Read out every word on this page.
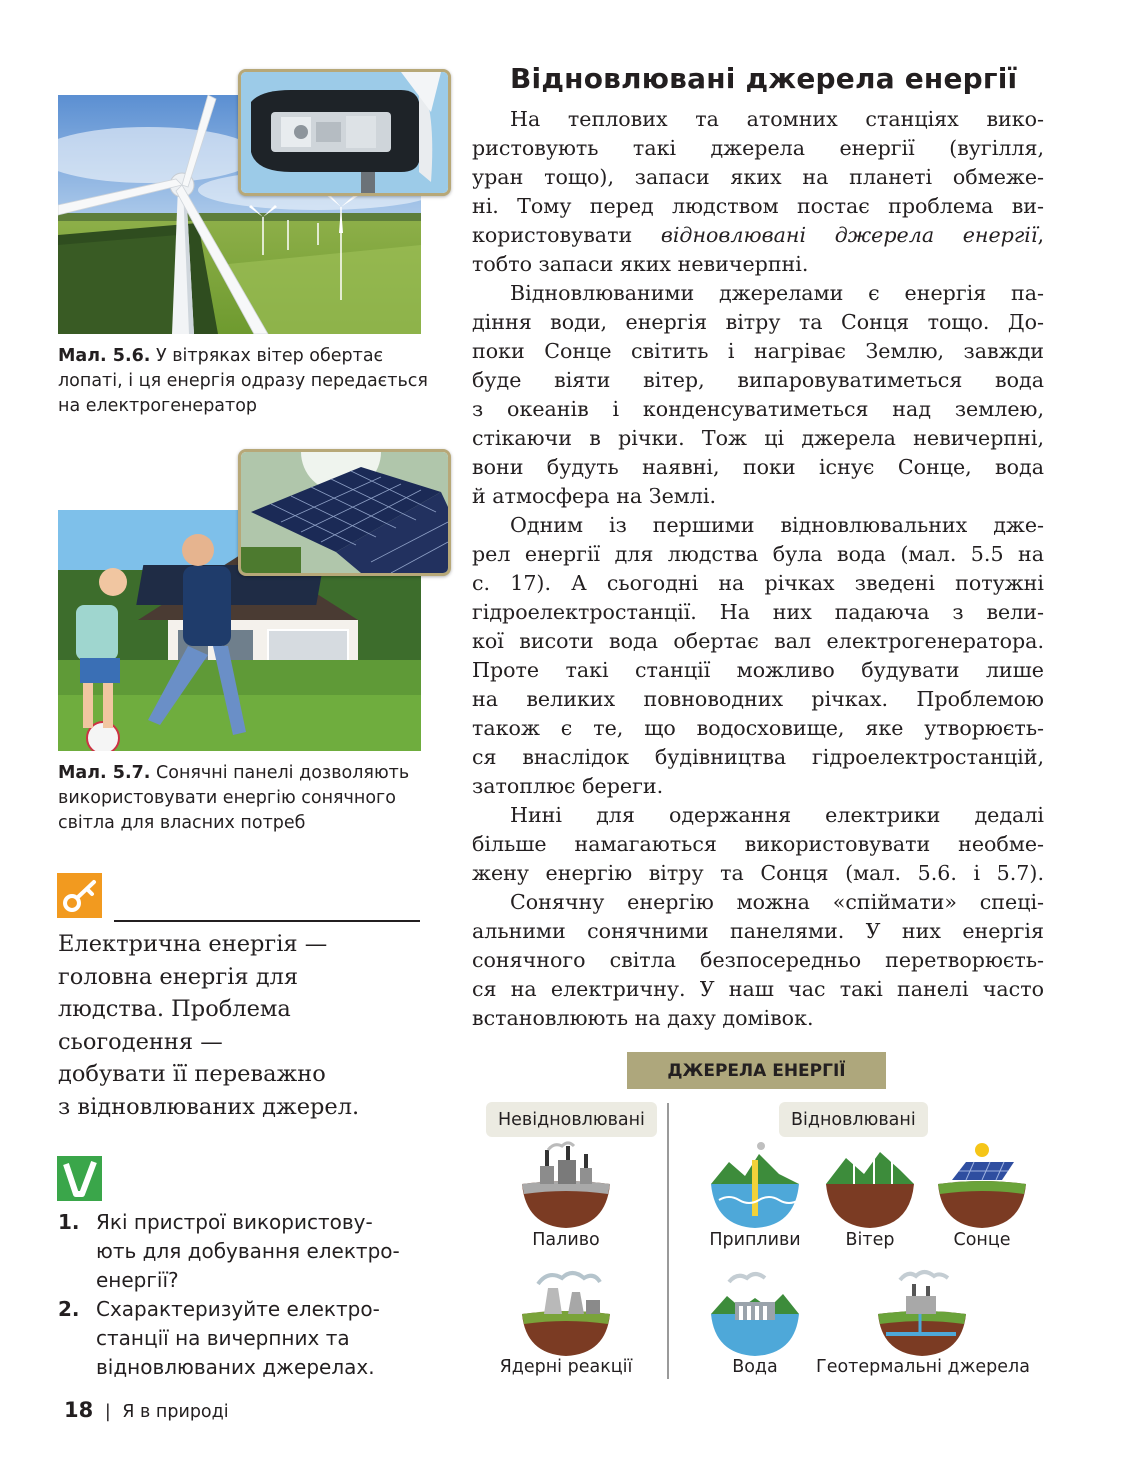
Мал. 5.6. У вітряках вітер обертає лопаті, і ця енергія одразу передається на електрогенератор
Мал. 5.7. Сонячні панелі дозволяють використовувати енергію сонячного світла для власних потреб
Електрична енергія —
головна енергія для
людства. Проблема
сьогодення —
добувати її переважно
з відновлюваних джерел.
1. Які пристрої використову-
ють для добування електро-
енергії?
2. Схарактеризуйте електро-
станції на вичерпних та
відновлюваних джерелах.
Відновлювані джерела енергії
На теплових та атомних станціях вико-
ристовують такі джерела енергії (вугілля,
уран тощо), запаси яких на планеті обмеже-
ні. Тому перед людством постає проблема ви-
користовувати відновлювані джерела енергії,
тобто запаси яких невичерпні.
Відновлюваними джерелами є енергія па-
діння води, енергія вітру та Сонця тощо. До-
поки Сонце світить і нагріває Землю, завжди
буде віяти вітер, випаровуватиметься вода
з океанів і конденсуватиметься над землею,
стікаючи в річки. Тож ці джерела невичерпні,
вони будуть наявні, поки існує Сонце, вода
й атмосфера на Землі.
Одним із першими відновлювальних дже-
рел енергії для людства була вода (мал. 5.5 на
с. 17). А сьогодні на річках зведені потужні
гідроелектростанції. На них падаюча з вели-
кої висоти вода обертає вал електрогенератора.
Проте такі станції можливо будувати лише
на великих повноводних річках. Проблемою
також є те, що водосховище, яке утворюєть-
ся внаслідок будівництва гідроелектростанцій,
затоплює береги.
Нині для одержання електрики дедалі
більше намагаються використовувати необме-
жену енергію вітру та Сонця (мал. 5.6. і 5.7).
Сонячну енергію можна «спіймати» спеці-
альними сонячними панелями. У них енергія
сонячного світла безпосередньо перетворюєть-
ся на електричну. У наш час такі панелі часто
встановлюють на даху домівок.
ДЖЕРЕЛА ЕНЕРГІЇ
Невідновлювані	Відновлювані
Паливо
Ядерні реакції
Припливи	Вітер	Сонце
Вода	Геотермальні джерела
18 | Я в природі
